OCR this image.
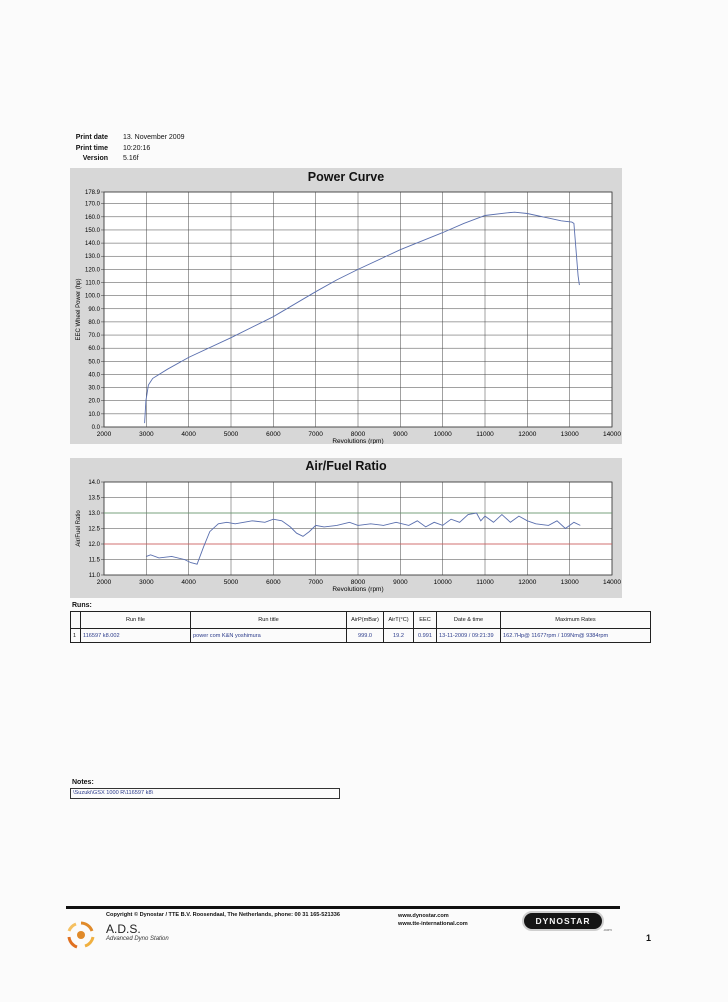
Print date 13. November 2009
Print time 10:20:16
Version 5.16f
Power Curve
2000	3000	4000	5000	6000	7000	8000	9000	10000	11000	12000	13000	14000
0.0
10.0
20.0
30.0
40.0
50.0
60.0
70.0
80.0
90.0
100.0
110.0
120.0
130.0
140.0
150.0
160.0
170.0
178.9
Revolutions (rpm)
EEC Wheel Power (hp)
Air/Fuel Ratio
2000	3000	4000	5000	6000	7000	8000	9000	10000	11000	12000	13000	14000
11.0
11.5
12.0
12.5
13.0
13.5
14.0
Revolutions (rpm)
Air/Fuel Ratio
Runs:
	Run file	Run title	AirP(mBar)	AirT(°C)	EEC	Date & time	Maximum Rates
1	116597 k8.002	power com K&N yoshimura	999.0	19.2	0.991	13-11-2009 / 09:21:39	162.7Hp@ 11677rpm / 109Nm@ 9384rpm
Notes:
\Suzuki\GSX 1000 R\116597 k8\
Copyright © Dynostar / TTE B.V. Roosendaal, The Netherlands, phone: 00 31 165-521336
A.D.S.
Advanced Dyno Station
www.dynostar.com
www.tte-international.com	DYNOSTAR
.com
1
